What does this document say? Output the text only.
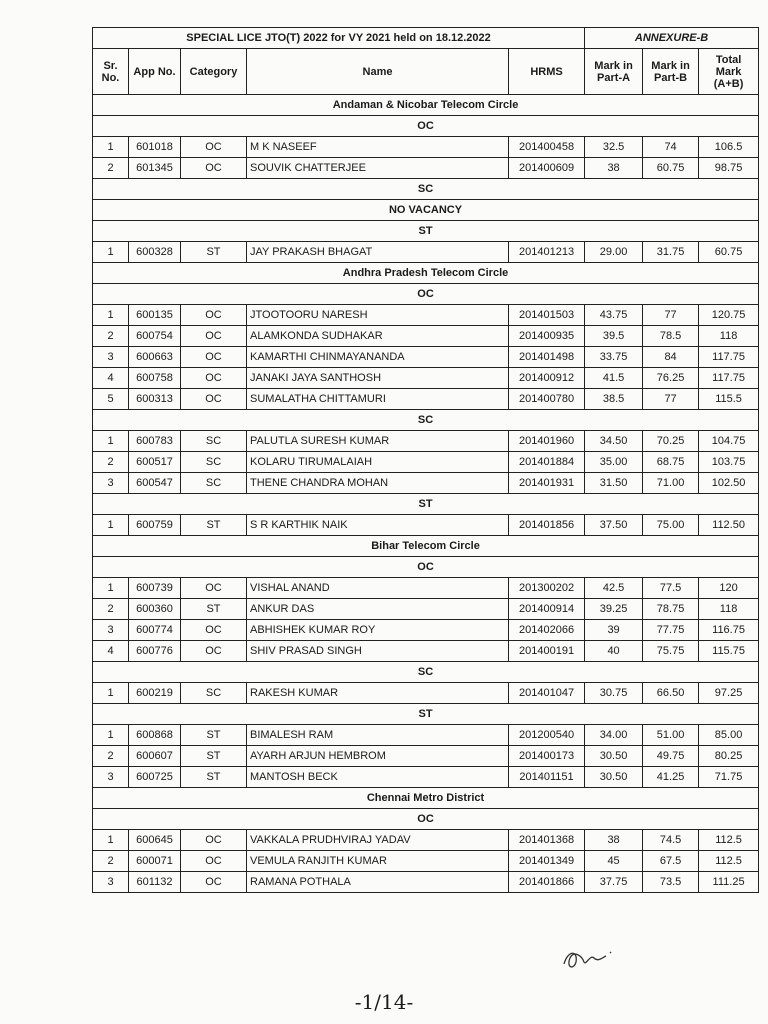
SPECIAL LICE JTO(T) 2022 for VY 2021 held on 18.12.2022					ANNEXURE-B		
Sr. No.	App No.	Category	Name	HRMS	Mark in Part-A	Mark in Part-B	Total Mark (A+B)
Andaman & Nicobar Telecom Circle							
OC							
1	601018	OC	M K NASEEF	201400458	32.5	74	106.5
2	601345	OC	SOUVIK CHATTERJEE	201400609	38	60.75	98.75
SC							
NO VACANCY							
ST							
1	600328	ST	JAY PRAKASH BHAGAT	201401213	29.00	31.75	60.75
Andhra Pradesh Telecom Circle							
OC							
1	600135	OC	JTOOTOORU NARESH	201401503	43.75	77	120.75
2	600754	OC	ALAMKONDA SUDHAKAR	201400935	39.5	78.5	118
3	600663	OC	KAMARTHI CHINMAYANANDA	201401498	33.75	84	117.75
4	600758	OC	JANAKI JAYA SANTHOSH	201400912	41.5	76.25	117.75
5	600313	OC	SUMALATHA CHITTAMURI	201400780	38.5	77	115.5
SC							
1	600783	SC	PALUTLA SURESH KUMAR	201401960	34.50	70.25	104.75
2	600517	SC	KOLARU TIRUMALAIAH	201401884	35.00	68.75	103.75
3	600547	SC	THENE CHANDRA MOHAN	201401931	31.50	71.00	102.50
ST							
1	600759	ST	S R KARTHIK NAIK	201401856	37.50	75.00	112.50
Bihar Telecom Circle							
OC							
1	600739	OC	VISHAL ANAND	201300202	42.5	77.5	120
2	600360	ST	ANKUR DAS	201400914	39.25	78.75	118
3	600774	OC	ABHISHEK KUMAR ROY	201402066	39	77.75	116.75
4	600776	OC	SHIV PRASAD SINGH	201400191	40	75.75	115.75
SC							
1	600219	SC	RAKESH KUMAR	201401047	30.75	66.50	97.25
ST							
1	600868	ST	BIMALESH RAM	201200540	34.00	51.00	85.00
2	600607	ST	AYARH ARJUN HEMBROM	201400173	30.50	49.75	80.25
3	600725	ST	MANTOSH BECK	201401151	30.50	41.25	71.75
Chennai Metro District							
OC							
1	600645	OC	VAKKALA PRUDHVIRAJ YADAV	201401368	38	74.5	112.5
2	600071	OC	VEMULA RANJITH KUMAR	201401349	45	67.5	112.5
3	601132	OC	RAMANA POTHALA	201401866	37.75	73.5	111.25
-1/14-
